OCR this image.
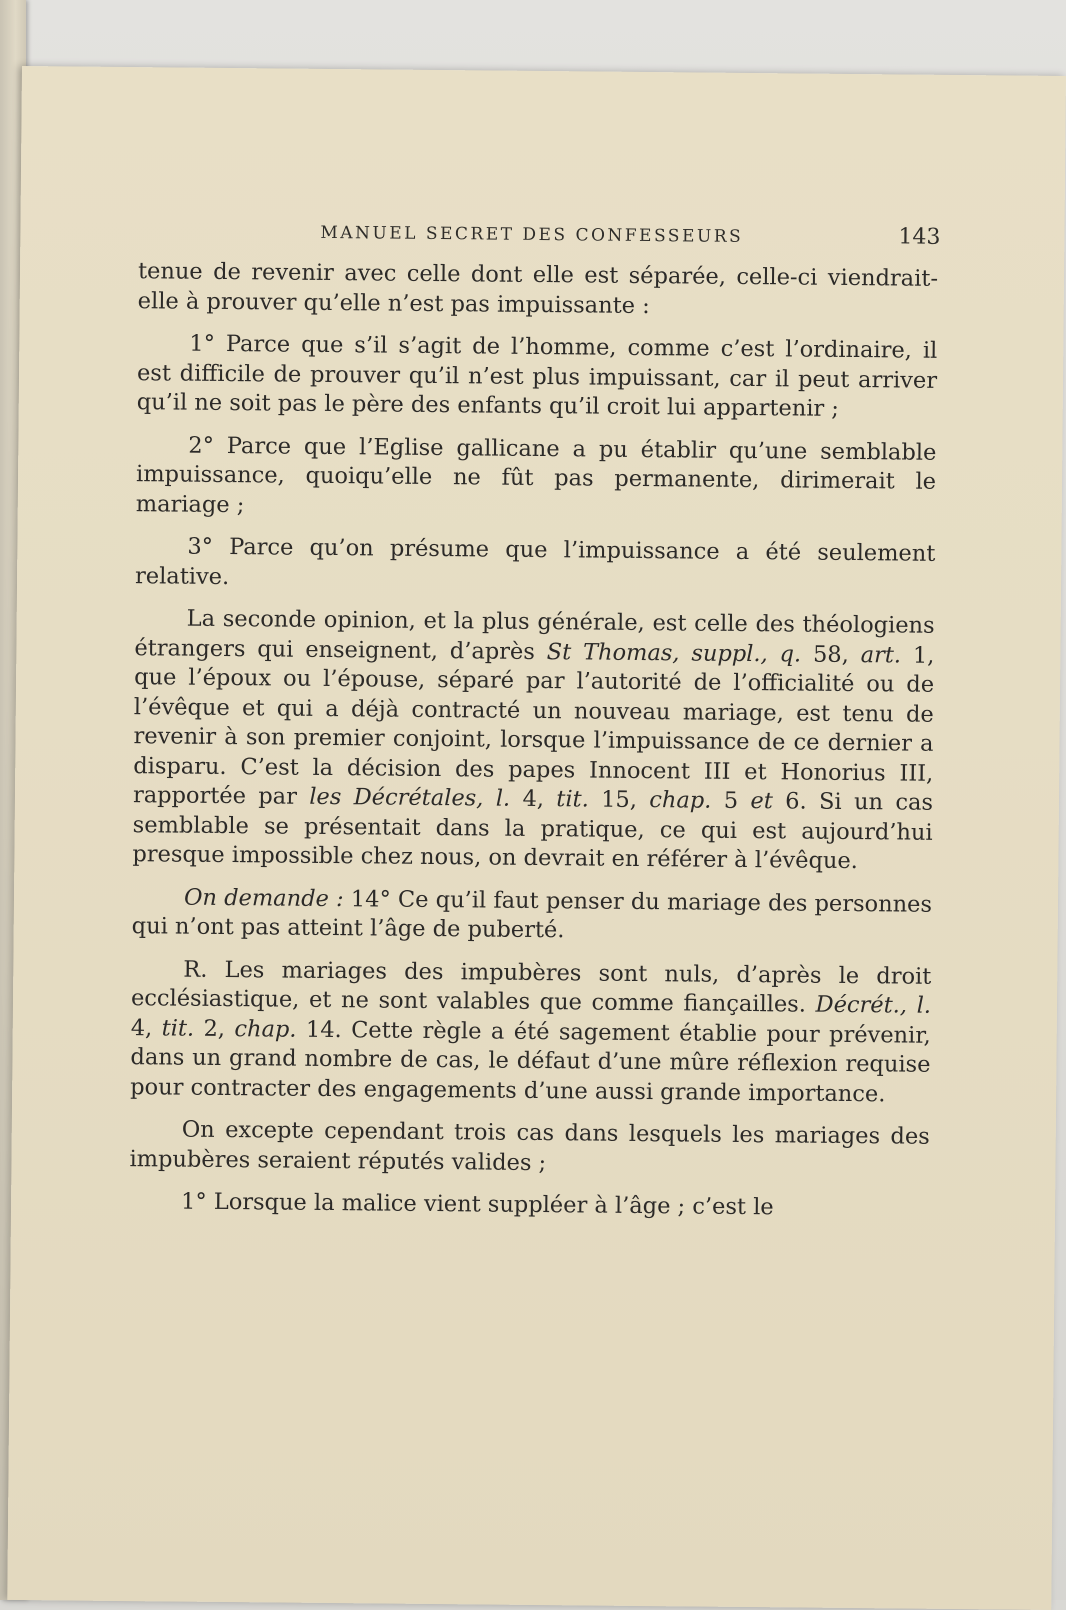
MANUEL SECRET DES CONFESSEURS	143

tenue de revenir avec celle dont elle est séparée, celle-ci viendrait-elle à prouver qu’elle n’est pas impuissante :

1° Parce que s’il s’agit de l’homme, comme c’est l’ordinaire, il est difficile de prouver qu’il n’est plus impuissant, car il peut arriver qu’il ne soit pas le père des enfants qu’il croit lui appartenir ;

2° Parce que l’Eglise gallicane a pu établir qu’une semblable impuissance, quoiqu’elle ne fût pas permanente, dirimerait le mariage ;

3° Parce qu’on présume que l’impuissance a été seulement relative.

La seconde opinion, et la plus générale, est celle des théologiens étrangers qui enseignent, d’après St Thomas, suppl., q. 58, art. 1, que l’époux ou l’épouse, séparé par l’autorité de l’officialité ou de l’évêque et qui a déjà contracté un nouveau mariage, est tenu de revenir à son premier conjoint, lorsque l’impuissance de ce dernier a disparu. C’est la décision des papes Innocent III et Honorius III, rapportée par les Décrétales, l. 4, tit. 15, chap. 5 et 6. Si un cas semblable se présentait dans la pratique, ce qui est aujourd’hui presque impossible chez nous, on devrait en référer à l’évêque.

On demande : 14° Ce qu’il faut penser du mariage des personnes qui n’ont pas atteint l’âge de puberté.

R. Les mariages des impubères sont nuls, d’après le droit ecclésiastique, et ne sont valables que comme fiançailles. Décrét., l. 4, tit. 2, chap. 14. Cette règle a été sagement établie pour prévenir, dans un grand nombre de cas, le défaut d’une mûre réflexion requise pour contracter des engagements d’une aussi grande importance.

On excepte cependant trois cas dans lesquels les mariages des impubères seraient réputés valides ;

1° Lorsque la malice vient suppléer à l’âge ; c’est le
